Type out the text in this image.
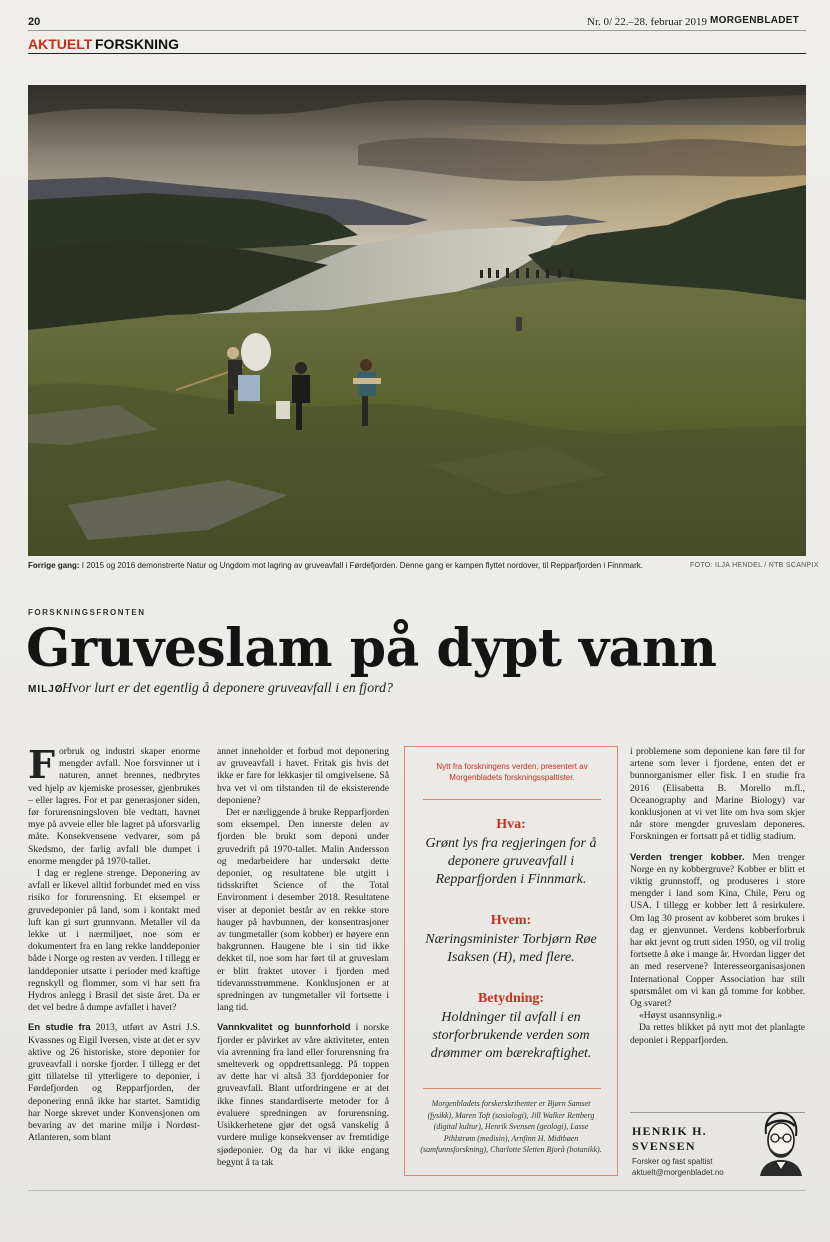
20	Nr. 0/ 22.–28. februar 2019 MORGENBLADET
AKTUELT FORSKNING
Forrige gang: I 2015 og 2016 demonstrerte Natur og Ungdom mot lagring av gruveavfall i Førdefjorden. Denne gang er kampen flyttet nordover, til Repparfjorden i Finnmark.	FOTO: ILJA HENDEL / NTB SCANPIX
FORSKNINGSFRONTEN
Gruveslam på dypt vann
MILJØ
Hvor lurt er det egentlig å deponere gruveavfall i en fjord?

Forbruk og industri skaper enorme mengder avfall. Noe forsvinner ut i naturen, annet brennes, nedbrytes ved hjelp av kjemiske prosesser, gjenbrukes – eller lagres. For et par generasjoner siden, før forurensningsloven ble vedtatt, havnet mye på avveie eller ble lagret på uforsvarlig måte. Konsekvensene vedvarer, som på Skedsmo, der farlig avfall ble dumpet i enorme mengder på 1970-tallet.

I dag er reglene strenge. Deponering av avfall er likevel alltid forbundet med en viss risiko for forurensning. Et eksempel er gruvedeponier på land, som i kontakt med luft kan gi surt grunnvann. Metaller vil da lekke ut i nærmiljøet, noe som er dokumentert fra en lang rekke landdeponier både i Norge og resten av verden. I tillegg er landdeponier utsatte i perioder med kraftige regnskyll og flommer, som vi har sett fra Hydros anlegg i Brasil det siste året. Da er det vel bedre å dumpe avfallet i havet?

En studie fra 2013, utført av Astri J.S. Kvassnes og Eigil Iversen, viste at det er syv aktive og 26 historiske, store deponier for gruveavfall i norske fjorder. I tillegg er det gitt tillatelse til ytterligere to deponier, i Førdefjorden og Repparfjorden, der deponering ennå ikke har startet. Samtidig har Norge skrevet under Konvensjonen om bevaring av det marine miljø i Nordøst-Atlanteren, som blant

annet inneholder et forbud mot deponering av gruveavfall i havet. Fritak gis hvis det ikke er fare for lekkasjer til omgivelsene. Så hva vet vi om tilstanden til de eksisterende deponiene?

Det er nærliggende å bruke Repparfjorden som eksempel. Den innerste delen av fjorden ble brukt som deponi under gruvedrift på 1970-tallet. Malin Andersson og medarbeidere har undersøkt dette deponiet, og resultatene ble utgitt i tidsskriftet Science of the Total Environment i desember 2018. Resultatene viser at deponiet består av en rekke store hauger på havbunnen, der konsentrasjoner av tungmetaller (som kobber) er høyere enn bakgrunnen. Haugene ble i sin tid ikke dekket til, noe som har ført til at gruveslam er blitt fraktet utover i fjorden med tidevannsstrømmene. Konklusjonen er at spredningen av tungmetaller vil fortsette i lang tid.

Vannkvalitet og bunnforhold i norske fjorder er påvirket av våre aktiviteter, enten via avrenning fra land eller forurensning fra smelteverk og oppdrettsanlegg. På toppen av dette har vi altså 33 fjorddeponier for gruveavfall. Blant utfordringene er at det ikke finnes standardiserte metoder for å evaluere spredningen av forurensning. Usikkerhetene gjør det også vanskelig å vurdere mulige konsekvenser av fremtidige sjødeponier. Og da har vi ikke engang begynt å ta tak

Nytt fra forskningens verden, presentert av Morgenbladets forskningsspaltister.
Hva:
Grønt lys fra regjeringen for å deponere gruveavfall i Repparfjorden i Finnmark.
Hvem:
Næringsminister Torbjørn Røe Isaksen (H), med flere.
Betydning:
Holdninger til avfall i en storforbrukende verden som drømmer om bærekraftighet.
Morgenbladets forskerskribenter er Bjørn Samset (fysikk), Maren Toft (sosiologi), Jill Walker Rettberg (digital kultur), Henrik Svensen (geologi), Lasse Pihlstrøm (medisin), Arnfinn H. Midtbøen (samfunnsforskning), Charlotte Sletten Bjorå (botanikk).

i problemene som deponiene kan føre til for artene som lever i fjordene, enten det er bunnorganismer eller fisk. I en studie fra 2016 (Elisabetta B. Morello m.fl., Oceanography and Marine Biology) var konklusjonen at vi vet lite om hva som skjer når store mengder gruveslam deponeres. Forskningen er fortsatt på et tidlig stadium.

Verden trenger kobber. Men trenger Norge en ny kobbergruve? Kobber er blitt et viktig grunnstoff, og produseres i store mengder i land som Kina, Chile, Peru og USA. I tillegg er kobber lett å resirkulere. Om lag 30 prosent av kobberet som brukes i dag er gjenvunnet. Verdens kobberforbruk har økt jevnt og trutt siden 1950, og vil trolig fortsette å øke i mange år. Hvordan ligger det an med reservene? Interesseorganisasjonen International Copper Association har stilt spørsmålet om vi kan gå tomme for kobber. Og svaret?

«Høyst usannsynlig.»

Da rettes blikket på nytt mot det planlagte deponiet i Repparfjorden.

HENRIK H.
SVENSEN
Forsker og fast spaltist
aktuelt@morgenbladet.no
